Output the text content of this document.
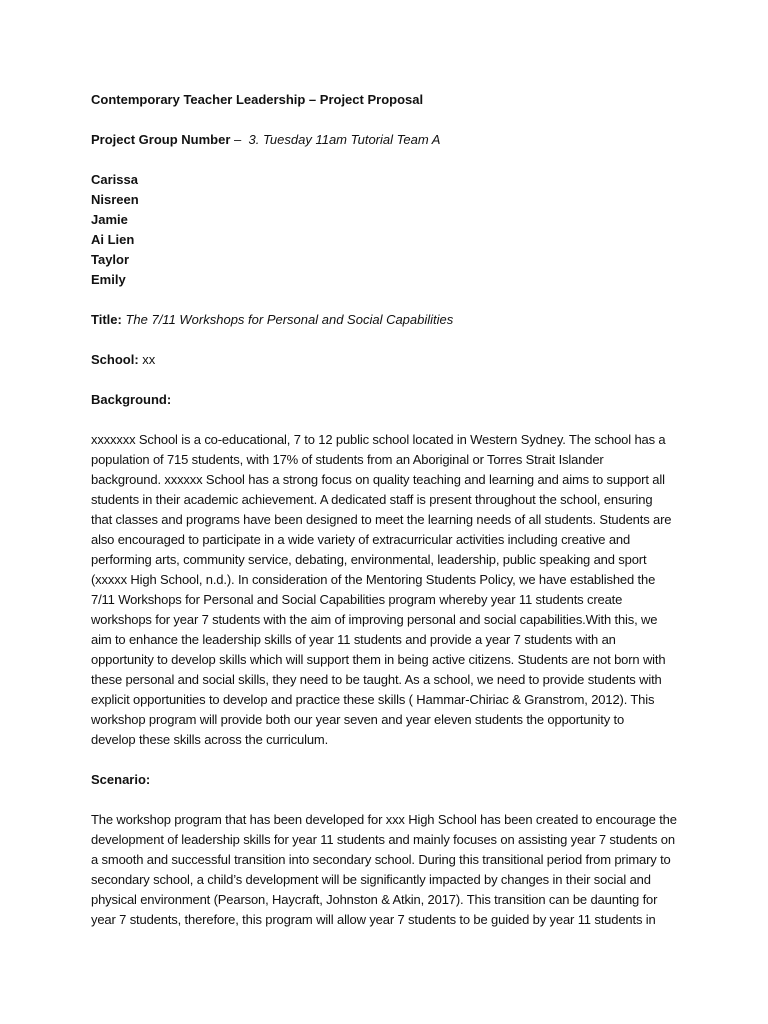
Contemporary Teacher Leadership – Project Proposal
Project Group Number –  3. Tuesday 11am Tutorial Team A
Carissa
Nisreen
Jamie
Ai Lien
Taylor
Emily
Title: The 7/11 Workshops for Personal and Social Capabilities
School: xx
Background:
xxxxxxx School is a co-educational, 7 to 12 public school located in Western Sydney. The school has a
population of 715 students, with 17% of students from an Aboriginal or Torres Strait Islander
background. xxxxxx School has a strong focus on quality teaching and learning and aims to support all
students in their academic achievement. A dedicated staff is present throughout the school, ensuring
that classes and programs have been designed to meet the learning needs of all students. Students are
also encouraged to participate in a wide variety of extracurricular activities including creative and
performing arts, community service, debating, environmental, leadership, public speaking and sport
(xxxxx High School, n.d.). In consideration of the Mentoring Students Policy, we have established the
7/11 Workshops for Personal and Social Capabilities program whereby year 11 students create
workshops for year 7 students with the aim of improving personal and social capabilities.With this, we
aim to enhance the leadership skills of year 11 students and provide a year 7 students with an
opportunity to develop skills which will support them in being active citizens. Students are not born with
these personal and social skills, they need to be taught. As a school, we need to provide students with
explicit opportunities to develop and practice these skills ( Hammar-Chiriac & Granstrom, 2012). This
workshop program will provide both our year seven and year eleven students the opportunity to
develop these skills across the curriculum.
Scenario:
The workshop program that has been developed for xxx High School has been created to encourage the
development of leadership skills for year 11 students and mainly focuses on assisting year 7 students on
a smooth and successful transition into secondary school. During this transitional period from primary to
secondary school, a child’s development will be significantly impacted by changes in their social and
physical environment (Pearson, Haycraft, Johnston & Atkin, 2017). This transition can be daunting for
year 7 students, therefore, this program will allow year 7 students to be guided by year 11 students in
